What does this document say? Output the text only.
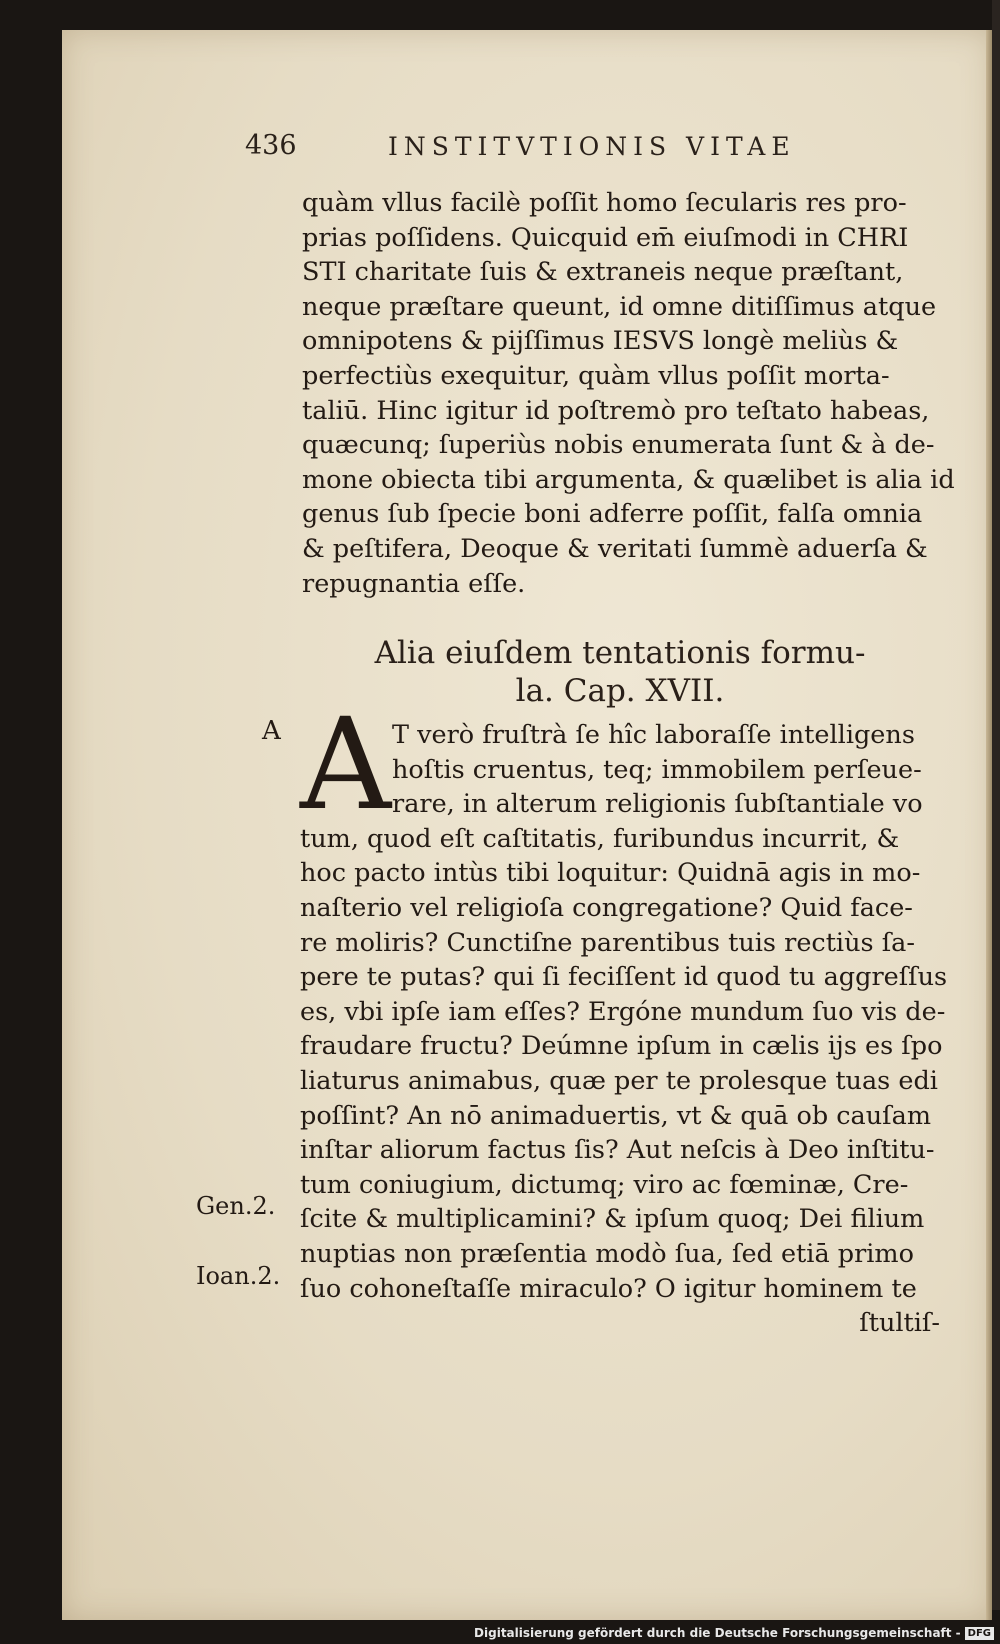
436	INSTITVTIONIS VITAE
quàm vllus facilè poſſit homo ſecularis res pro-
prias poſſidens. Quicquid em̄ eiuſmodi in CHRI
STI charitate ſuis & extraneis neque præſtant,
neque præſtare queunt, id omne ditiſſimus atque
omnipotens & pijſſimus IESVS longè meliùs &
perfectiùs exequitur, quàm vllus poſſit morta-
taliū. Hinc igitur id poſtremò pro teſtato habeas,
quæcunq; ſuperiùs nobis enumerata ſunt & à de-
mone obiecta tibi argumenta, & quælibet is alia id
genus ſub ſpecie boni adferre poſſit, falſa omnia
& peſtifera, Deoque & veritati ſummè aduerſa &
repugnantia eſſe.
Alia eiuſdem tentationis formu-
la. Cap. XVII.
A A T verò fruſtrà ſe hîc laboraſſe intelligens
hoſtis cruentus, teq; immobilem perſeue-
rare, in alterum religionis ſubſtantiale vo
tum, quod eſt caſtitatis, furibundus incurrit, &
hoc pacto intùs tibi loquitur: Quidnā agis in mo-
naſterio vel religioſa congregatione? Quid face-
re moliris? Cunctiſne parentibus tuis rectiùs ſa-
pere te putas? qui ſi feciſſent id quod tu aggreſſus
es, vbi ipſe iam eſſes? Ergóne mundum ſuo vis de-
fraudare fructu? Deúmne ipſum in cælis ijs es ſpo
liaturus animabus, quæ per te prolesque tuas edi
poſſint? An nō animaduertis, vt & quā ob cauſam
inſtar aliorum factus ſis? Aut neſcis à Deo inſtitu-
tum coniugium, dictumq; viro ac fœminæ, Cre-
ſcite & multiplicamini? & ipſum quoq; Dei filium
nuptias non præſentia modò ſua, ſed etiā primo
ſuo cohoneſtaſſe miraculo? O igitur hominem te
ſtultiſ-
Gen.2.
Ioan.2.
Digitalisierung gefördert durch die Deutsche Forschungsgemeinschaft - DFG
